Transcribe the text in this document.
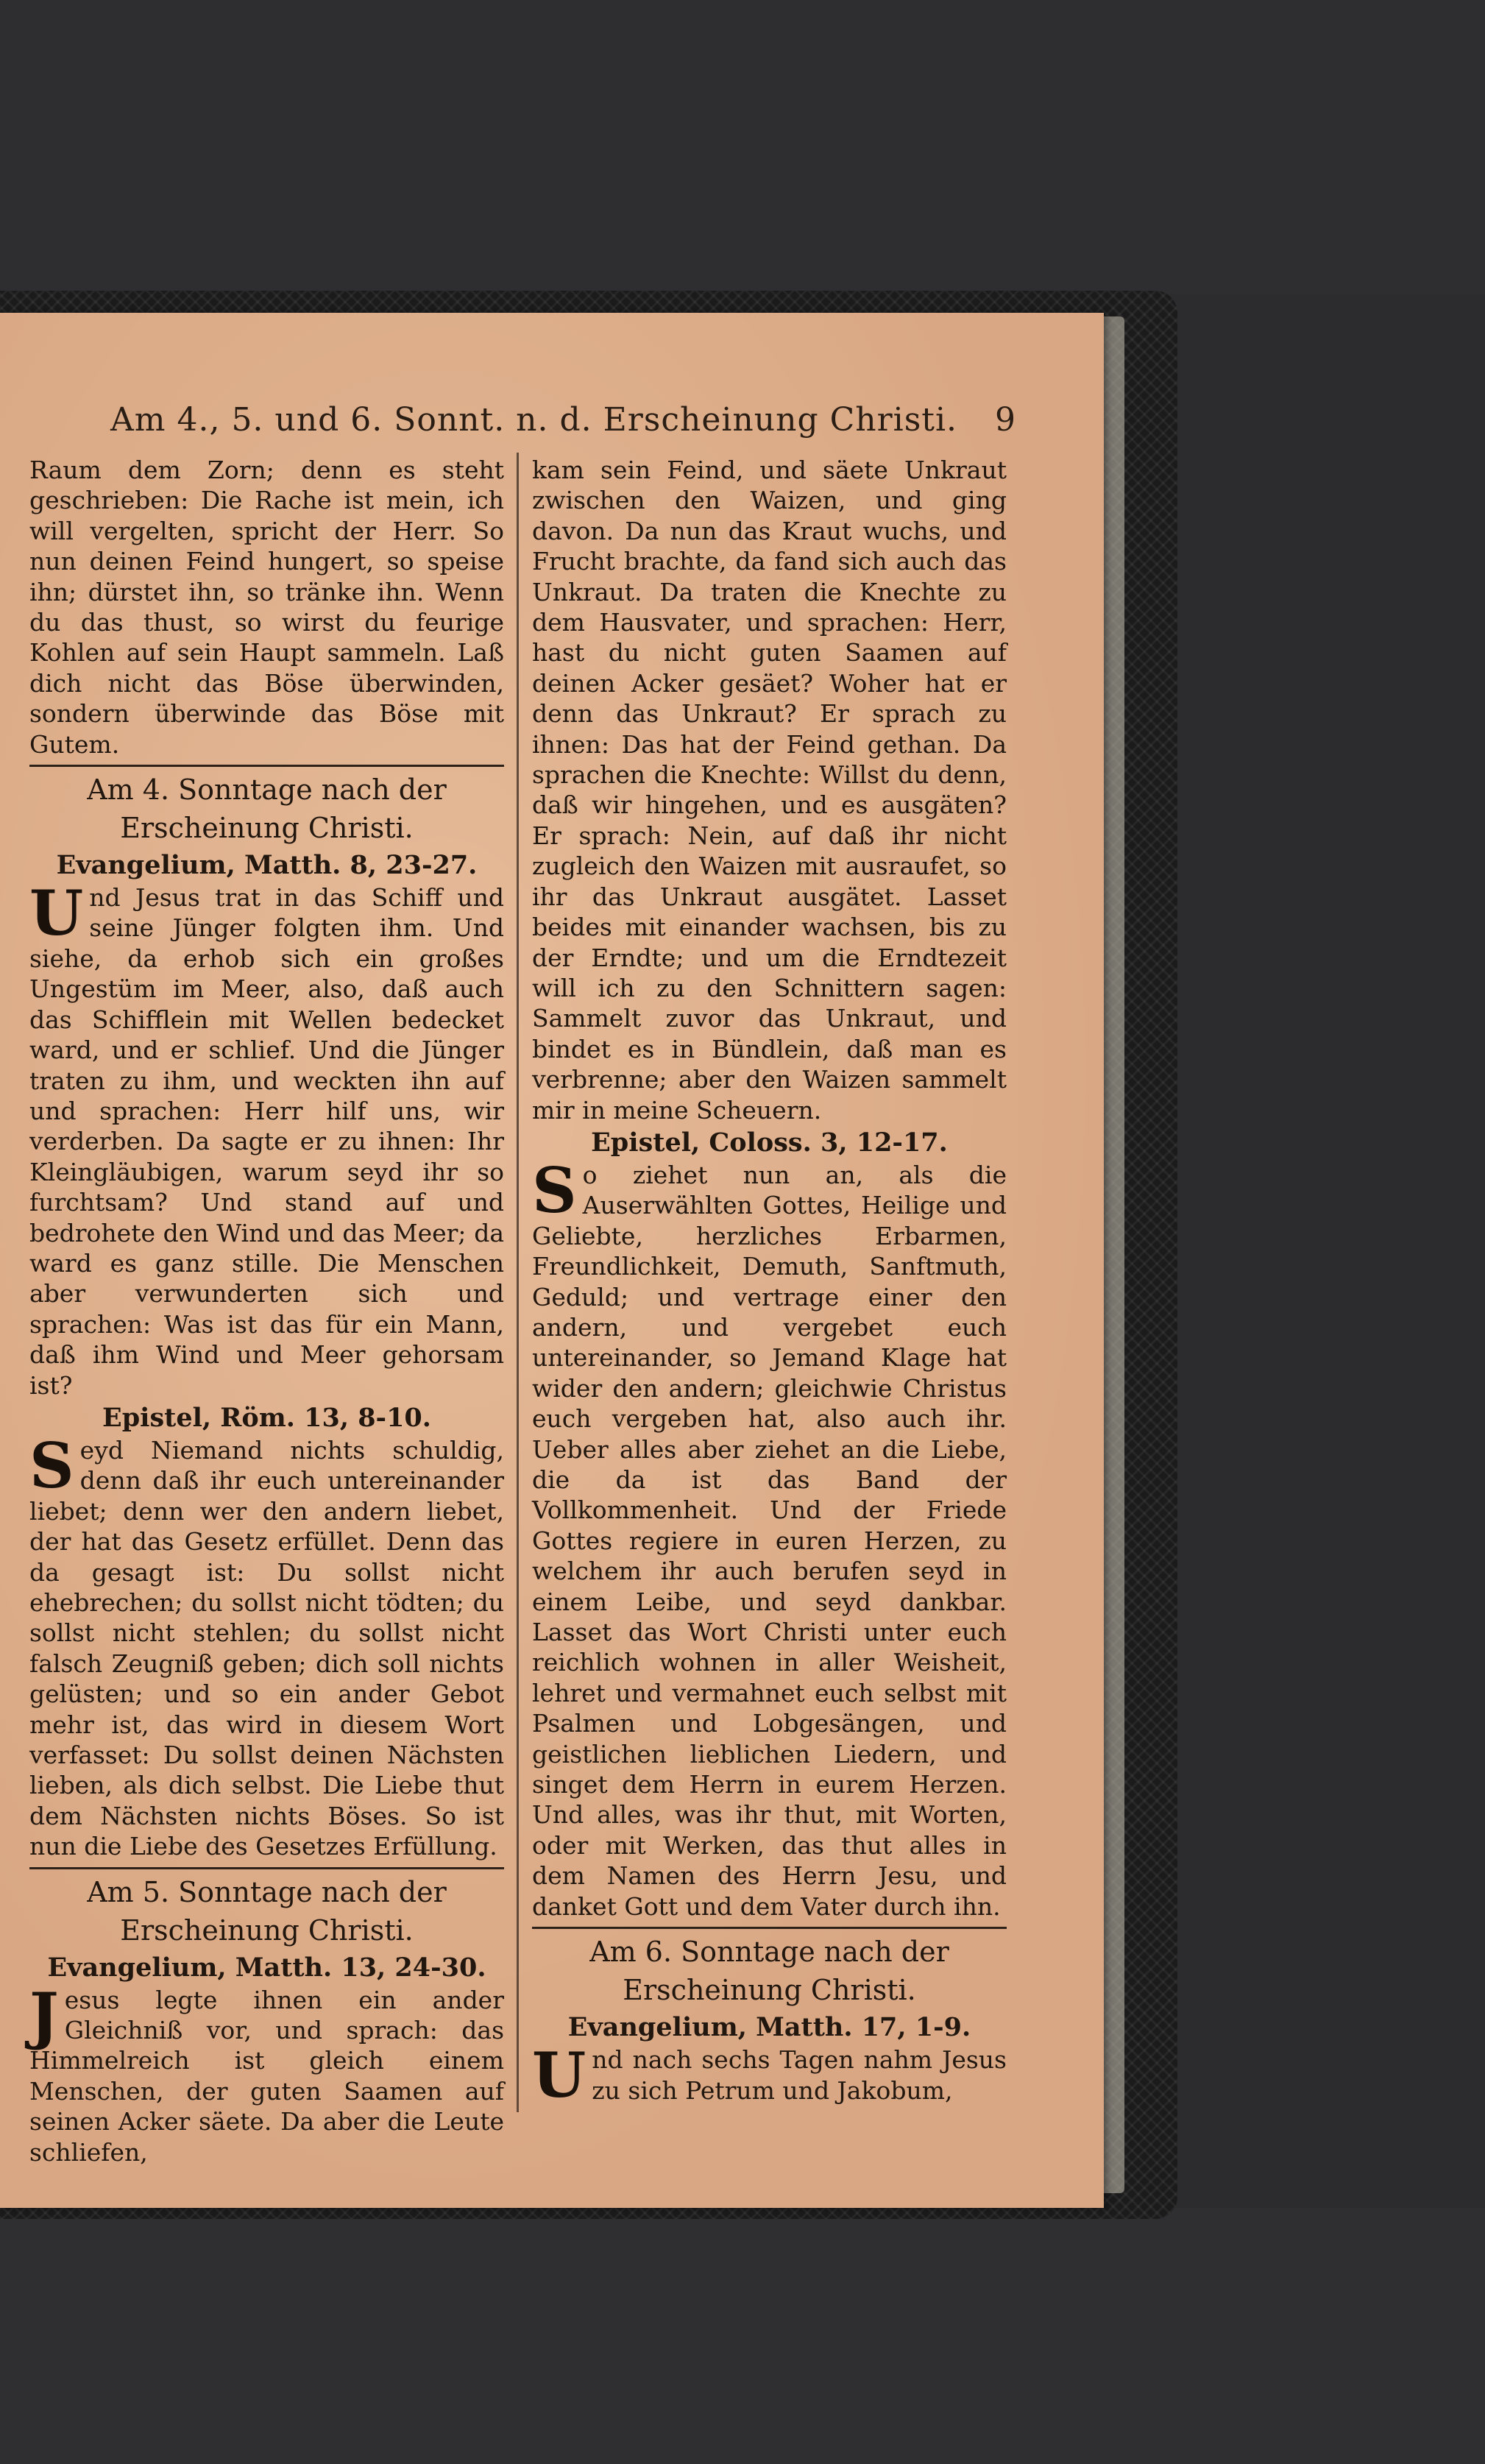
Am 4., 5. und 6. Sonnt. n. d. Erscheinung Christi.	9

Raum dem Zorn; denn es steht geschrieben: Die Rache ist mein, ich will vergelten, spricht der Herr. So nun deinen Feind hungert, so speise ihn; dürstet ihn, so tränke ihn. Wenn du das thust, so wirst du feurige Kohlen auf sein Haupt sammeln. Laß dich nicht das Böse überwinden, sondern überwinde das Böse mit Gutem.

Am 4. Sonntage nach der

Erscheinung Christi.

Evangelium, Matth. 8, 23-27.

Und Jesus trat in das Schiff und seine Jünger folgten ihm. Und siehe, da erhob sich ein großes Ungestüm im Meer, also, daß auch das Schifflein mit Wellen bedecket ward, und er schlief. Und die Jünger traten zu ihm, und weckten ihn auf und sprachen: Herr hilf uns, wir verderben. Da sagte er zu ihnen: Ihr Kleingläubigen, warum seyd ihr so furchtsam? Und stand auf und bedrohete den Wind und das Meer; da ward es ganz stille. Die Menschen aber verwunderten sich und sprachen: Was ist das für ein Mann, daß ihm Wind und Meer gehorsam ist?

Epistel, Röm. 13, 8-10.

Seyd Niemand nichts schuldig, denn daß ihr euch untereinander liebet; denn wer den andern liebet, der hat das Gesetz erfüllet. Denn das da gesagt ist: Du sollst nicht ehebrechen; du sollst nicht tödten; du sollst nicht stehlen; du sollst nicht falsch Zeugniß geben; dich soll nichts gelüsten; und so ein ander Gebot mehr ist, das wird in diesem Wort verfasset: Du sollst deinen Nächsten lieben, als dich selbst. Die Liebe thut dem Nächsten nichts Böses. So ist nun die Liebe des Gesetzes Erfüllung.

Am 5. Sonntage nach der

Erscheinung Christi.

Evangelium, Matth. 13, 24-30.

Jesus legte ihnen ein ander Gleichniß vor, und sprach: das Himmelreich ist gleich einem Menschen, der guten Saamen auf seinen Acker säete. Da aber die Leute schliefen,

kam sein Feind, und säete Unkraut zwischen den Waizen, und ging davon. Da nun das Kraut wuchs, und Frucht brachte, da fand sich auch das Unkraut. Da traten die Knechte zu dem Hausvater, und sprachen: Herr, hast du nicht guten Saamen auf deinen Acker gesäet? Woher hat er denn das Unkraut? Er sprach zu ihnen: Das hat der Feind gethan. Da sprachen die Knechte: Willst du denn, daß wir hingehen, und es ausgäten? Er sprach: Nein, auf daß ihr nicht zugleich den Waizen mit ausraufet, so ihr das Unkraut ausgätet. Lasset beides mit einander wachsen, bis zu der Erndte; und um die Erndtezeit will ich zu den Schnittern sagen: Sammelt zuvor das Unkraut, und bindet es in Bündlein, daß man es verbrenne; aber den Waizen sammelt mir in meine Scheuern.

Epistel, Coloss. 3, 12-17.

So ziehet nun an, als die Auserwählten Gottes, Heilige und Geliebte, herzliches Erbarmen, Freundlichkeit, Demuth, Sanftmuth, Geduld; und vertrage einer den andern, und vergebet euch untereinander, so Jemand Klage hat wider den andern; gleichwie Christus euch vergeben hat, also auch ihr. Ueber alles aber ziehet an die Liebe, die da ist das Band der Vollkommenheit. Und der Friede Gottes regiere in euren Herzen, zu welchem ihr auch berufen seyd in einem Leibe, und seyd dankbar. Lasset das Wort Christi unter euch reichlich wohnen in aller Weisheit, lehret und vermahnet euch selbst mit Psalmen und Lobgesängen, und geistlichen lieblichen Liedern, und singet dem Herrn in eurem Herzen. Und alles, was ihr thut, mit Worten, oder mit Werken, das thut alles in dem Namen des Herrn Jesu, und danket Gott und dem Vater durch ihn.

Am 6. Sonntage nach der

Erscheinung Christi.

Evangelium, Matth. 17, 1-9.

Und nach sechs Tagen nahm Jesus zu sich Petrum und Jakobum,
